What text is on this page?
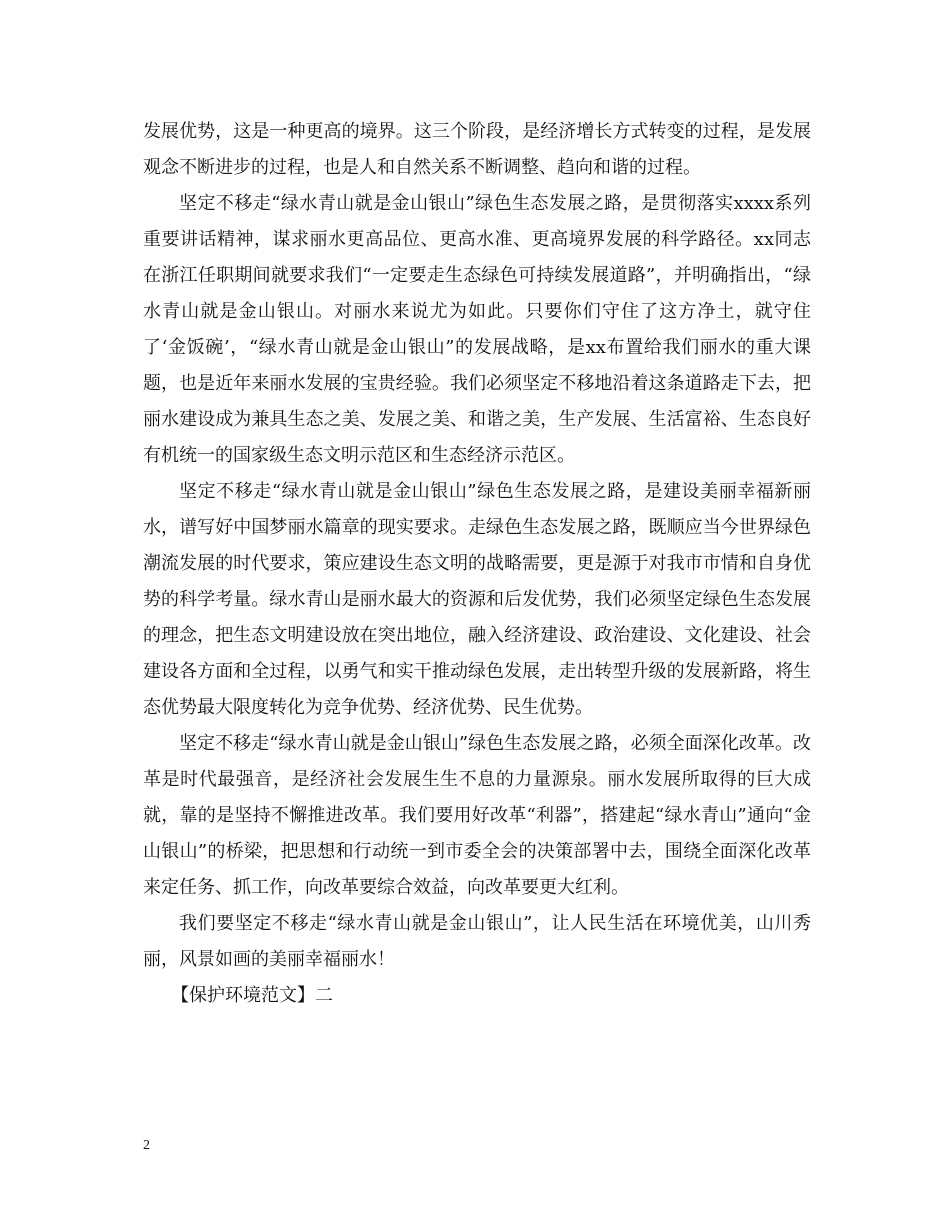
发展优势，这是一种更高的境界。这三个阶段，是经济增长方式转变的过程，是发展观念不断进步的过程，也是人和自然关系不断调整、趋向和谐的过程。

坚定不移走“绿水青山就是金山银山”绿色生态发展之路，是贯彻落实xxxx系列重要讲话精神，谋求丽水更高品位、更高水准、更高境界发展的科学路径。xx同志在浙江任职期间就要求我们“一定要走生态绿色可持续发展道路”，并明确指出，“绿水青山就是金山银山。对丽水来说尤为如此。只要你们守住了这方净土，就守住了‘金饭碗’，“绿水青山就是金山银山”的发展战略，是xx布置给我们丽水的重大课题，也是近年来丽水发展的宝贵经验。我们必须坚定不移地沿着这条道路走下去，把丽水建设成为兼具生态之美、发展之美、和谐之美，生产发展、生活富裕、生态良好有机统一的国家级生态文明示范区和生态经济示范区。

坚定不移走“绿水青山就是金山银山”绿色生态发展之路，是建设美丽幸福新丽水，谱写好中国梦丽水篇章的现实要求。走绿色生态发展之路，既顺应当今世界绿色潮流发展的时代要求，策应建设生态文明的战略需要，更是源于对我市市情和自身优势的科学考量。绿水青山是丽水最大的资源和后发优势，我们必须坚定绿色生态发展的理念，把生态文明建设放在突出地位，融入经济建设、政治建设、文化建设、社会建设各方面和全过程，以勇气和实干推动绿色发展，走出转型升级的发展新路，将生态优势最大限度转化为竞争优势、经济优势、民生优势。

坚定不移走“绿水青山就是金山银山”绿色生态发展之路，必须全面深化改革。改革是时代最强音，是经济社会发展生生不息的力量源泉。丽水发展所取得的巨大成就，靠的是坚持不懈推进改革。我们要用好改革“利器”，搭建起“绿水青山”通向“金山银山”的桥梁，把思想和行动统一到市委全会的决策部署中去，围绕全面深化改革来定任务、抓工作，向改革要综合效益，向改革要更大红利。

我们要坚定不移走“绿水青山就是金山银山”，让人民生活在环境优美，山川秀丽，风景如画的美丽幸福丽水！

【保护环境范文】二

2
